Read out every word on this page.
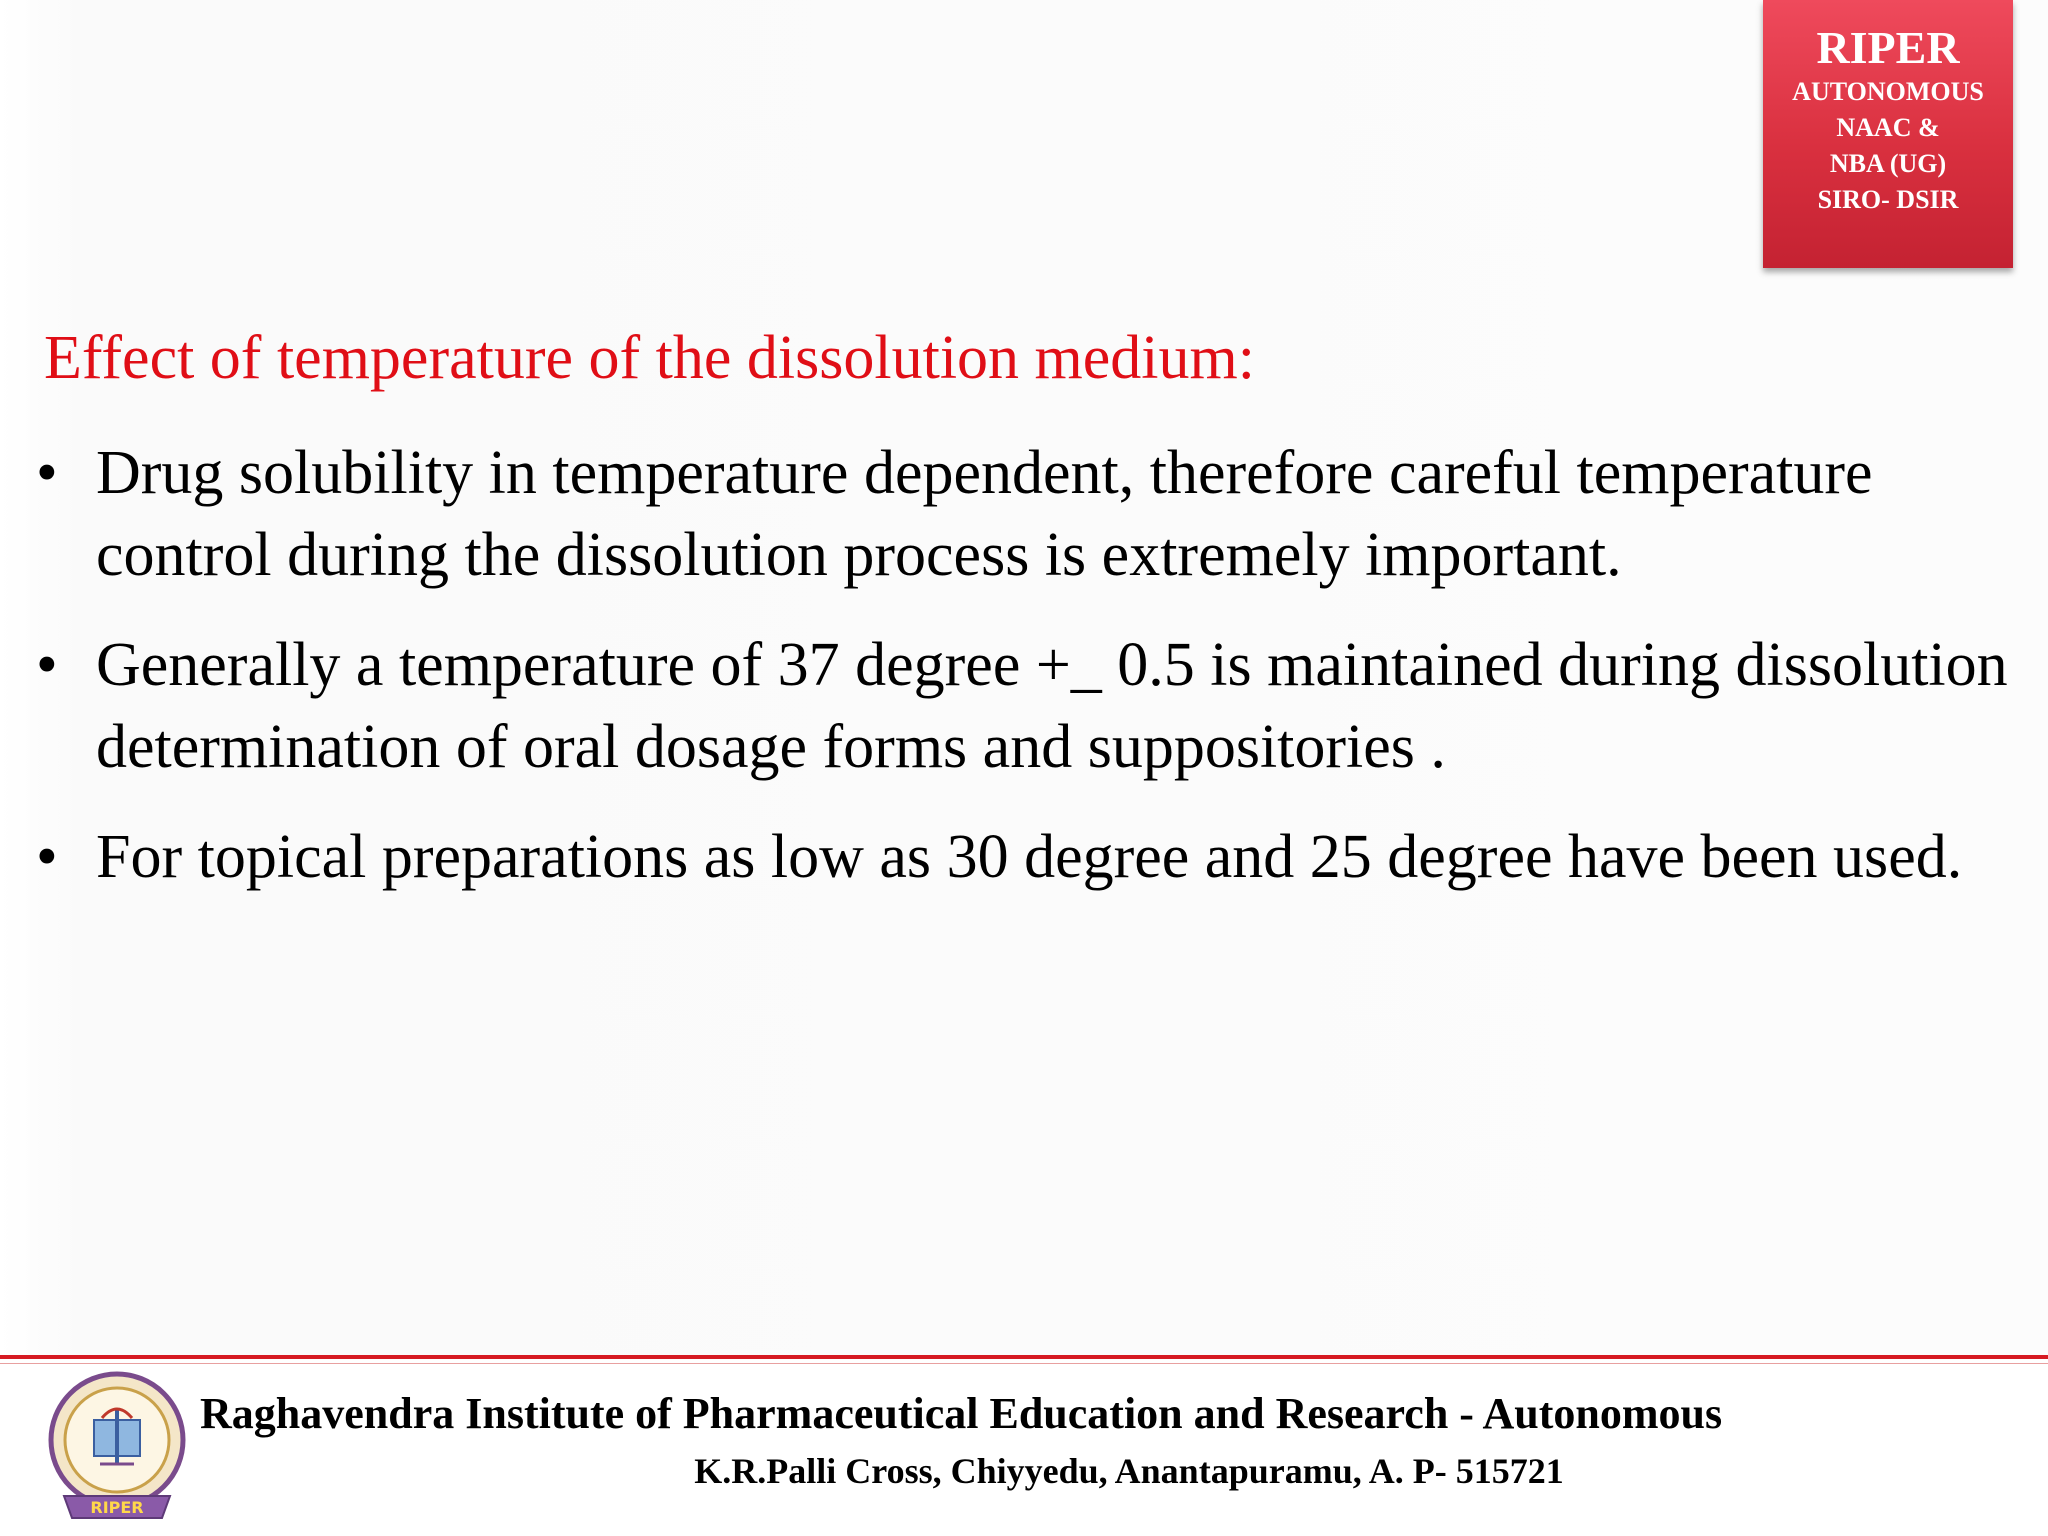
RIPER
AUTONOMOUS
NAAC &
NBA (UG)
SIRO- DSIR
Effect of temperature of the dissolution medium:
• Drug solubility in temperature dependent, therefore careful temperature control during the dissolution process is extremely important.
• Generally a temperature of 37 degree +_ 0.5 is maintained during dissolution determination of oral dosage forms and suppositories .
• For topical preparations as low as 30 degree and 25 degree have been used.
RIPER
Raghavendra Institute of Pharmaceutical Education and Research - Autonomous
K.R.Palli Cross, Chiyyedu, Anantapuramu, A. P- 515721
